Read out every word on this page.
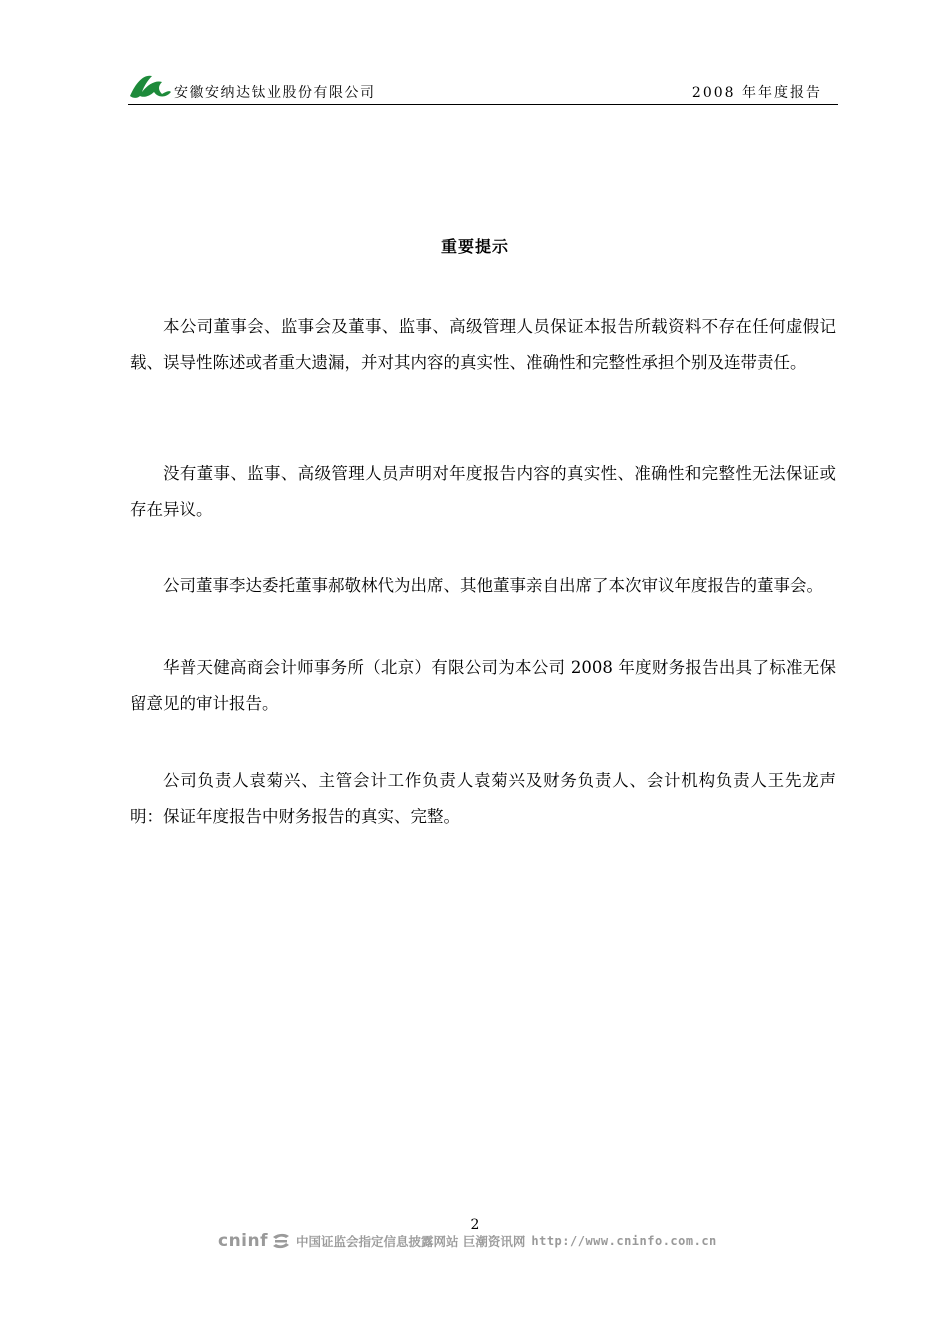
安徽安纳达钛业股份有限公司	2008 年年度报告
重要提示

本公司董事会、监事会及董事、监事、高级管理人员保证本报告所载资料不存在任何虚假记载、误导性陈述或者重大遗漏，并对其内容的真实性、准确性和完整性承担个别及连带责任。

没有董事、监事、高级管理人员声明对年度报告内容的真实性、准确性和完整性无法保证或存在异议。

公司董事李达委托董事郝敬林代为出席、其他董事亲自出席了本次审议年度报告的董事会。

华普天健高商会计师事务所（北京）有限公司为本公司 2008 年度财务报告出具了标准无保留意见的审计报告。

公司负责人袁菊兴、主管会计工作负责人袁菊兴及财务负责人、会计机构负责人王先龙声明：保证年度报告中财务报告的真实、完整。

2
cninf 中国证监会指定信息披露网站 巨潮资讯网 http://www.cninfo.com.cn
